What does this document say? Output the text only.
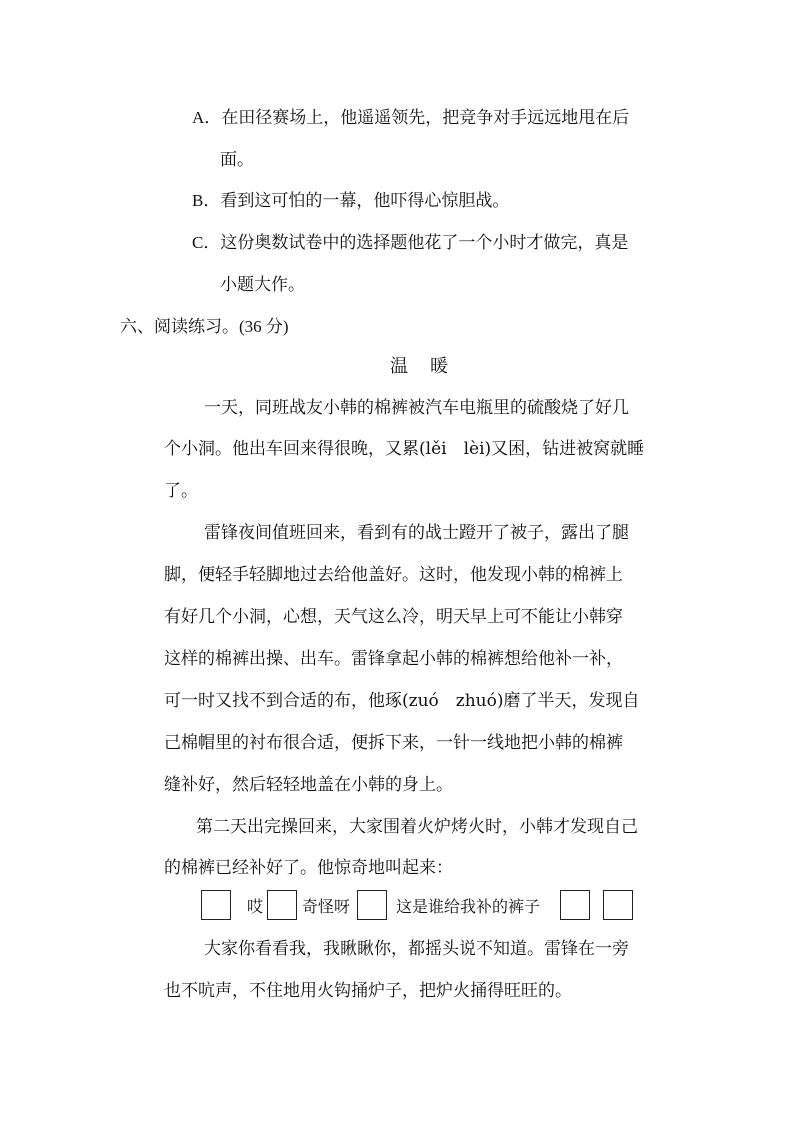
A．在田径赛场上，他遥遥领先，把竞争对手远远地甩在后
面。
B．看到这可怕的一幕，他吓得心惊胆战。
C．这份奥数试卷中的选择题他花了一个小时才做完，真是
小题大作。
六、阅读练习。(36 分)
温　暖
一天，同班战友小韩的棉裤被汽车电瓶里的硫酸烧了好几
个小洞。他出车回来得很晚，又累(lěi　lèi)又困，钻进被窝就睡
了。
雷锋夜间值班回来，看到有的战士蹬开了被子，露出了腿
脚，便轻手轻脚地过去给他盖好。这时，他发现小韩的棉裤上
有好几个小洞，心想，天气这么冷，明天早上可不能让小韩穿
这样的棉裤出操、出车。雷锋拿起小韩的棉裤想给他补一补，
可一时又找不到合适的布，他琢(zuó　zhuó)磨了半天，发现自
己棉帽里的衬布很合适，便拆下来，一针一线地把小韩的棉裤
缝补好，然后轻轻地盖在小韩的身上。
第二天出完操回来，大家围着火炉烤火时，小韩才发现自己
的棉裤已经补好了。他惊奇地叫起来：
哎 奇怪呀	这是谁给我补的裤子
大家你看看我，我瞅瞅你，都摇头说不知道。雷锋在一旁
也不吭声，不住地用火钩捅炉子，把炉火捅得旺旺的。
